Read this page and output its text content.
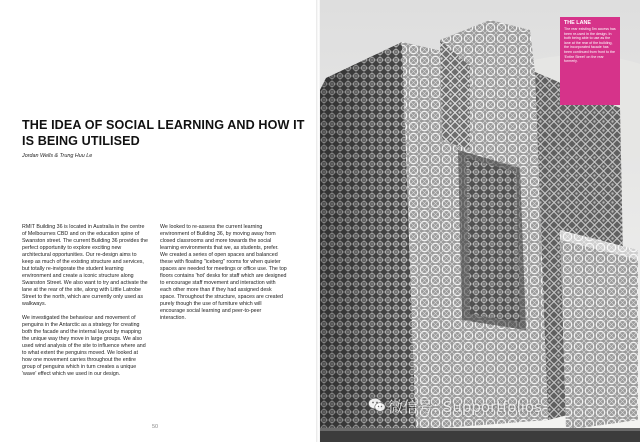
THE IDEA OF SOCIAL LEARNING AND HOW IT IS BEING UTILISED
Jordan Wells & Trung Huu Le

RMIT Building 36 is located in Australia in the centre of Melbournes CBD and on the education spine of Swanston street. The current Building 36 provides the perfect opportunity to explore exciting new architectural opportunities. Our re-design aims to keep as much of the existing structure and services, but totally re-invigorate the student learning environment and create a iconic structure along Swanston Street. We also want to try and activate the lane at the rear of the site, along with Little Latrobe Street to the north, which are currently only used as walkways.

We investigated the behaviour and movement of penguins in the Antarctic as a strategy for creating both the facade and the internal layout by mapping the unique way they move in large groups. We also used wind analysis of the site to influence where and to what extent the penguins moved. We looked at how one movement carries throughout the entire group of penguins which in turn creates a unique 'wave' effect which we used in our design.

We looked to re-assess the current learning environment of Building 36, by moving away from closed classrooms and more towards the social learning environments that we, as students, prefer. We created a series of open spaces and balanced these with floating "iceberg" rooms for when quieter spaces are needed for meetings or office use. The top floors contains 'hot' desks for staff which are designed to encourage staff movement and interaction with each other more than if they had assigned desk space. Throughout the structure, spaces are created purely though the use of furniture which will encourage social learning and peer-to-peer interaction.

50
THE LANE
The rear existing 5m access has been re-used in the design. In both being able to use as the lane at the rear of the building, the incorporated facade has been continued from front to the 'Entire Street' on the rear formerly.
微信号: Supportfolios
